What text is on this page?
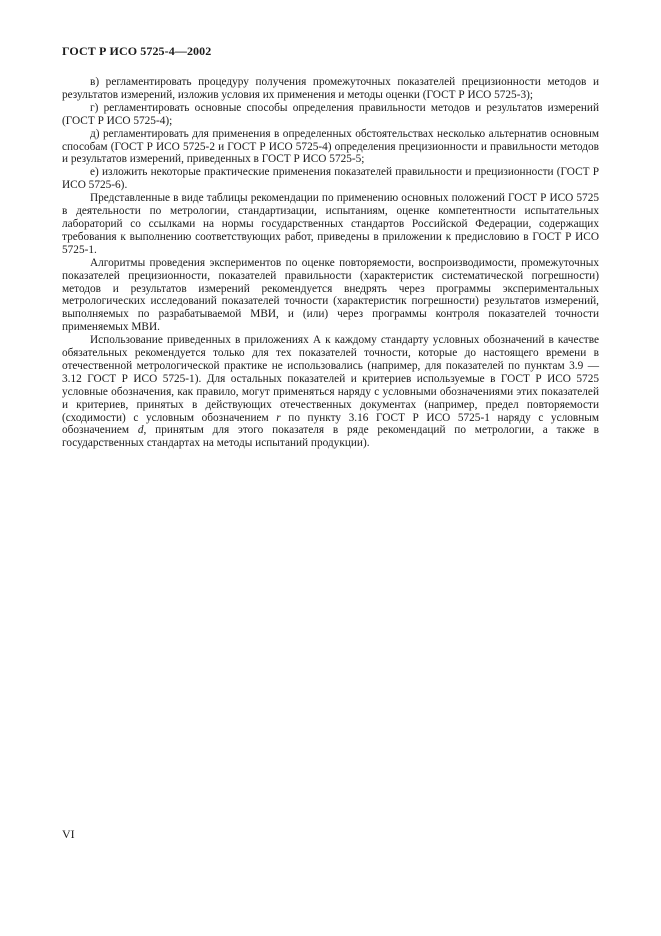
ГОСТ Р ИСО 5725-4—2002

в) регламентировать процедуру получения промежуточных показателей прецизионности методов и результатов измерений, изложив условия их применения и методы оценки (ГОСТ Р ИСО 5725-3);

г) регламентировать основные способы определения правильности методов и результатов измерений (ГОСТ Р ИСО 5725-4);

д) регламентировать для применения в определенных обстоятельствах несколько альтернатив основным способам (ГОСТ Р ИСО 5725-2 и ГОСТ Р ИСО 5725-4) определения прецизионности и правильности методов и результатов измерений, приведенных в ГОСТ Р ИСО 5725-5;

е) изложить некоторые практические применения показателей правильности и прецизионности (ГОСТ Р ИСО 5725-6).

Представленные в виде таблицы рекомендации по применению основных положений ГОСТ Р ИСО 5725 в деятельности по метрологии, стандартизации, испытаниям, оценке компетентности испытательных лабораторий со ссылками на нормы государственных стандартов Российской Федерации, содержащих требования к выполнению соответствующих работ, приведены в приложении к предисловию в ГОСТ Р ИСО 5725-1.

Алгоритмы проведения экспериментов по оценке повторяемости, воспроизводимости, промежуточных показателей прецизионности, показателей правильности (характеристик систематической погрешности) методов и результатов измерений рекомендуется внедрять через программы экспериментальных метрологических исследований показателей точности (характеристик погрешности) результатов измерений, выполняемых по разрабатываемой МВИ, и (или) через программы контроля показателей точности применяемых МВИ.

Использование приведенных в приложениях А к каждому стандарту условных обозначений в качестве обязательных рекомендуется только для тех показателей точности, которые до настоящего времени в отечественной метрологической практике не использовались (например, для показателей по пунктам 3.9 — 3.12 ГОСТ Р ИСО 5725-1). Для остальных показателей и критериев используемые в ГОСТ Р ИСО 5725 условные обозначения, как правило, могут применяться наряду с условными обозначениями этих показателей и критериев, принятых в действующих отечественных документах (например, предел повторяемости (сходимости) с условным обозначением r по пункту 3.16 ГОСТ Р ИСО 5725-1 наряду с условным обозначением d, принятым для этого показателя в ряде рекомендаций по метрологии, а также в государственных стандартах на методы испытаний продукции).

VI
